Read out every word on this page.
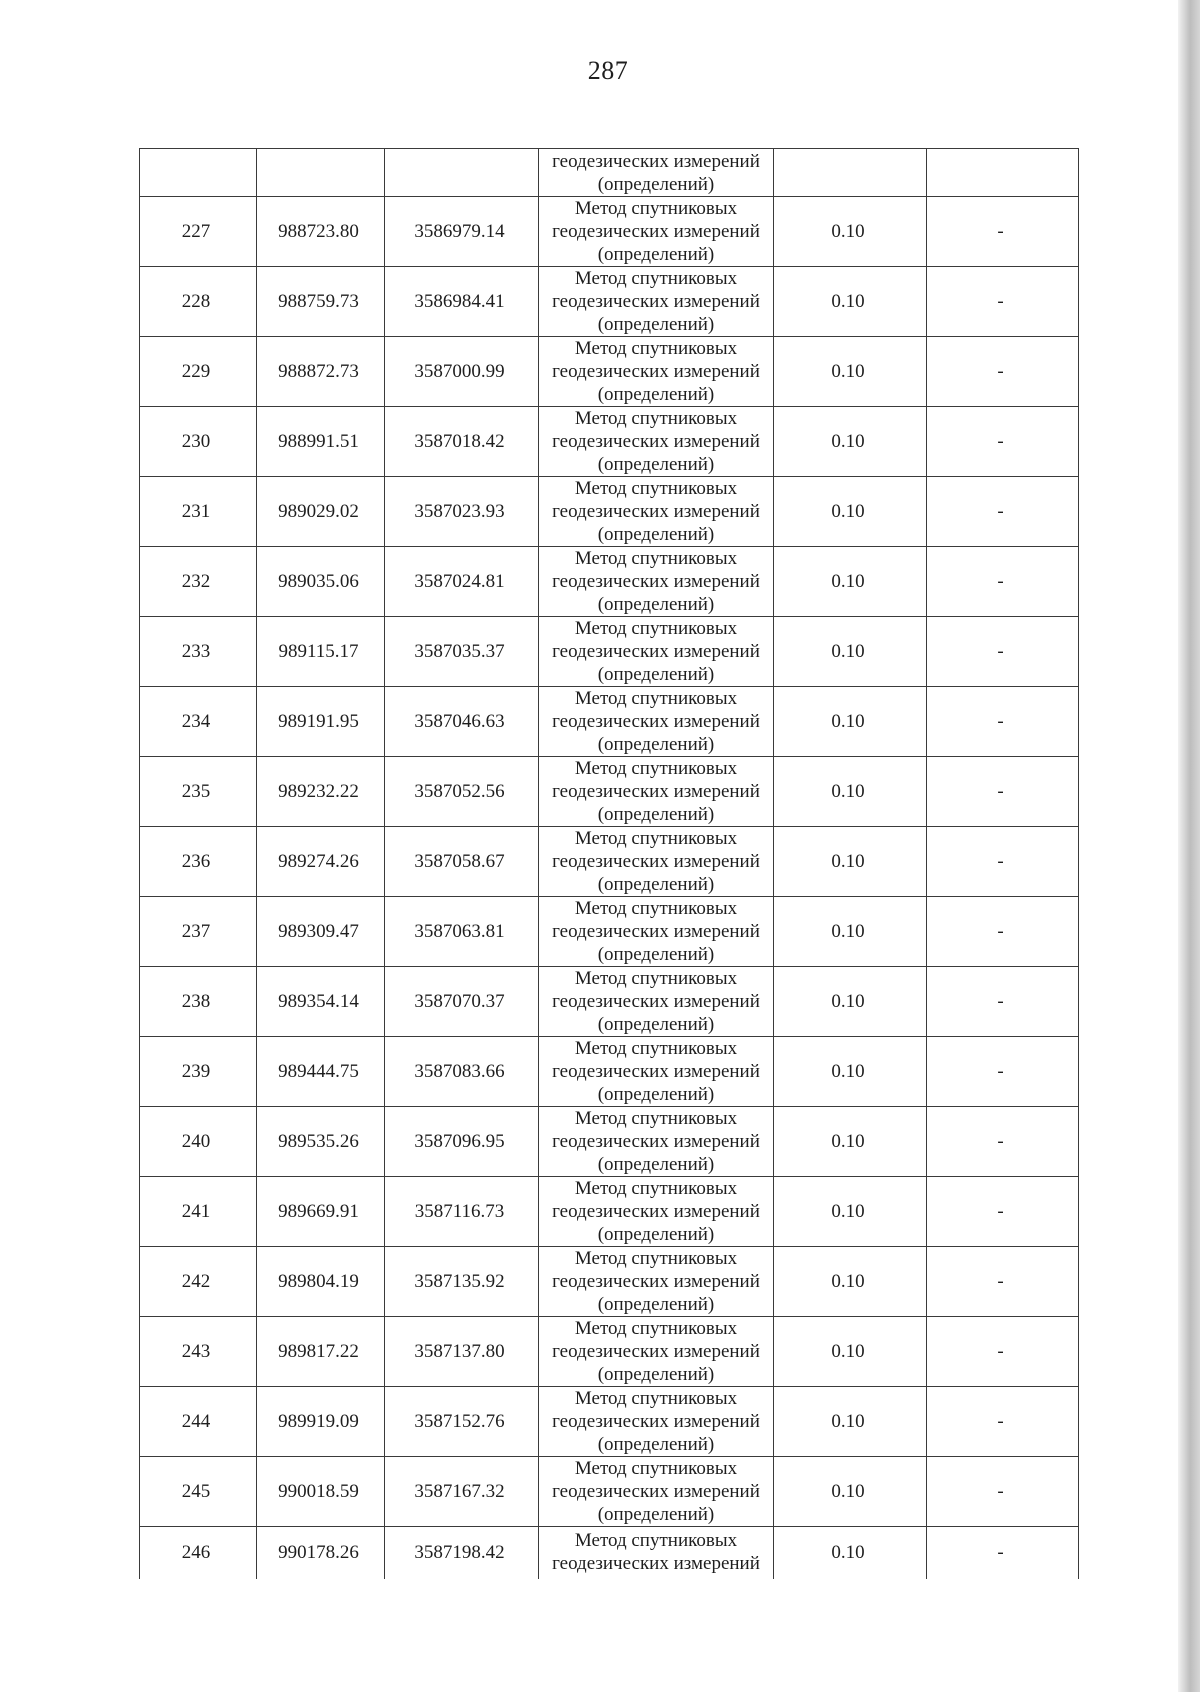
287

			геодезических измерений
(определений)		

227	988723.80	3586979.14	Метод спутниковых
геодезических измерений
(определений)	0.10	-
228	988759.73	3586984.41	Метод спутниковых
геодезических измерений
(определений)	0.10	-
229	988872.73	3587000.99	Метод спутниковых
геодезических измерений
(определений)	0.10	-
230	988991.51	3587018.42	Метод спутниковых
геодезических измерений
(определений)	0.10	-
231	989029.02	3587023.93	Метод спутниковых
геодезических измерений
(определений)	0.10	-
232	989035.06	3587024.81	Метод спутниковых
геодезических измерений
(определений)	0.10	-
233	989115.17	3587035.37	Метод спутниковых
геодезических измерений
(определений)	0.10	-
234	989191.95	3587046.63	Метод спутниковых
геодезических измерений
(определений)	0.10	-
235	989232.22	3587052.56	Метод спутниковых
геодезических измерений
(определений)	0.10	-
236	989274.26	3587058.67	Метод спутниковых
геодезических измерений
(определений)	0.10	-
237	989309.47	3587063.81	Метод спутниковых
геодезических измерений
(определений)	0.10	-
238	989354.14	3587070.37	Метод спутниковых
геодезических измерений
(определений)	0.10	-
239	989444.75	3587083.66	Метод спутниковых
геодезических измерений
(определений)	0.10	-
240	989535.26	3587096.95	Метод спутниковых
геодезических измерений
(определений)	0.10	-
241	989669.91	3587116.73	Метод спутниковых
геодезических измерений
(определений)	0.10	-
242	989804.19	3587135.92	Метод спутниковых
геодезических измерений
(определений)	0.10	-
243	989817.22	3587137.80	Метод спутниковых
геодезических измерений
(определений)	0.10	-
244	989919.09	3587152.76	Метод спутниковых
геодезических измерений
(определений)	0.10	-
245	990018.59	3587167.32	Метод спутниковых
геодезических измерений
(определений)	0.10	-
246	990178.26	3587198.42	Метод спутниковых
геодезических измерений	0.10	-
